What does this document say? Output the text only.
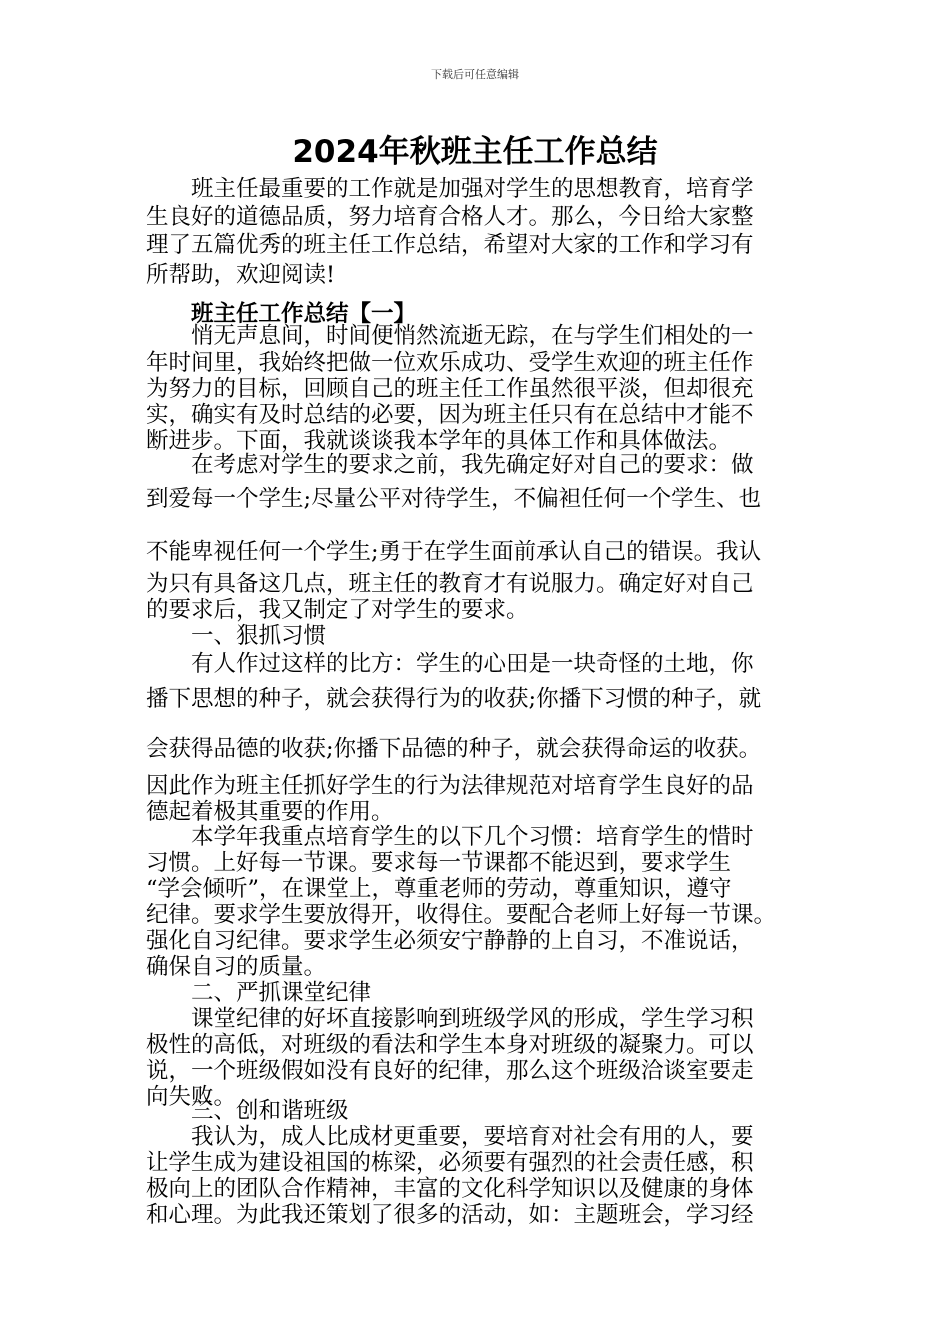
下载后可任意编辑
2024年秋班主任工作总结
班主任最重要的工作就是加强对学生的思想教育，培育学
生良好的道德品质，努力培育合格人才。那么，今日给大家整
理了五篇优秀的班主任工作总结，希望对大家的工作和学习有
所帮助，欢迎阅读!
班主任工作总结【一】
悄无声息间，时间便悄然流逝无踪，在与学生们相处的一
年时间里，我始终把做一位欢乐成功、受学生欢迎的班主任作
为努力的目标，回顾自己的班主任工作虽然很平淡，但却很充
实，确实有及时总结的必要，因为班主任只有在总结中才能不
断进步。下面，我就谈谈我本学年的具体工作和具体做法。
在考虑对学生的要求之前，我先确定好对自己的要求：做
到爱每一个学生;尽量公平对待学生，不偏袒任何一个学生、也
不能卑视任何一个学生;勇于在学生面前承认自己的错误。我认
为只有具备这几点，班主任的教育才有说服力。确定好对自己
的要求后，我又制定了对学生的要求。
一、狠抓习惯
有人作过这样的比方：学生的心田是一块奇怪的土地，你
播下思想的种子，就会获得行为的收获;你播下习惯的种子，就
会获得品德的收获;你播下品德的种子，就会获得命运的收获。
因此作为班主任抓好学生的行为法律规范对培育学生良好的品
德起着极其重要的作用。
本学年我重点培育学生的以下几个习惯：培育学生的惜时
习惯。上好每一节课。要求每一节课都不能迟到，要求学生
“学会倾听”，在课堂上，尊重老师的劳动，尊重知识，遵守
纪律。要求学生要放得开，收得住。要配合老师上好每一节课。
强化自习纪律。要求学生必须安宁静静的上自习，不准说话，
确保自习的质量。
二、严抓课堂纪律
课堂纪律的好坏直接影响到班级学风的形成，学生学习积
极性的高低，对班级的看法和学生本身对班级的凝聚力。可以
说，一个班级假如没有良好的纪律，那么这个班级洽谈室要走
向失败。
三、创和谐班级
我认为，成人比成材更重要，要培育对社会有用的人，要
让学生成为建设祖国的栋梁，必须要有强烈的社会责任感，积
极向上的团队合作精神，丰富的文化科学知识以及健康的身体
和心理。为此我还策划了很多的活动，如：主题班会，学习经
